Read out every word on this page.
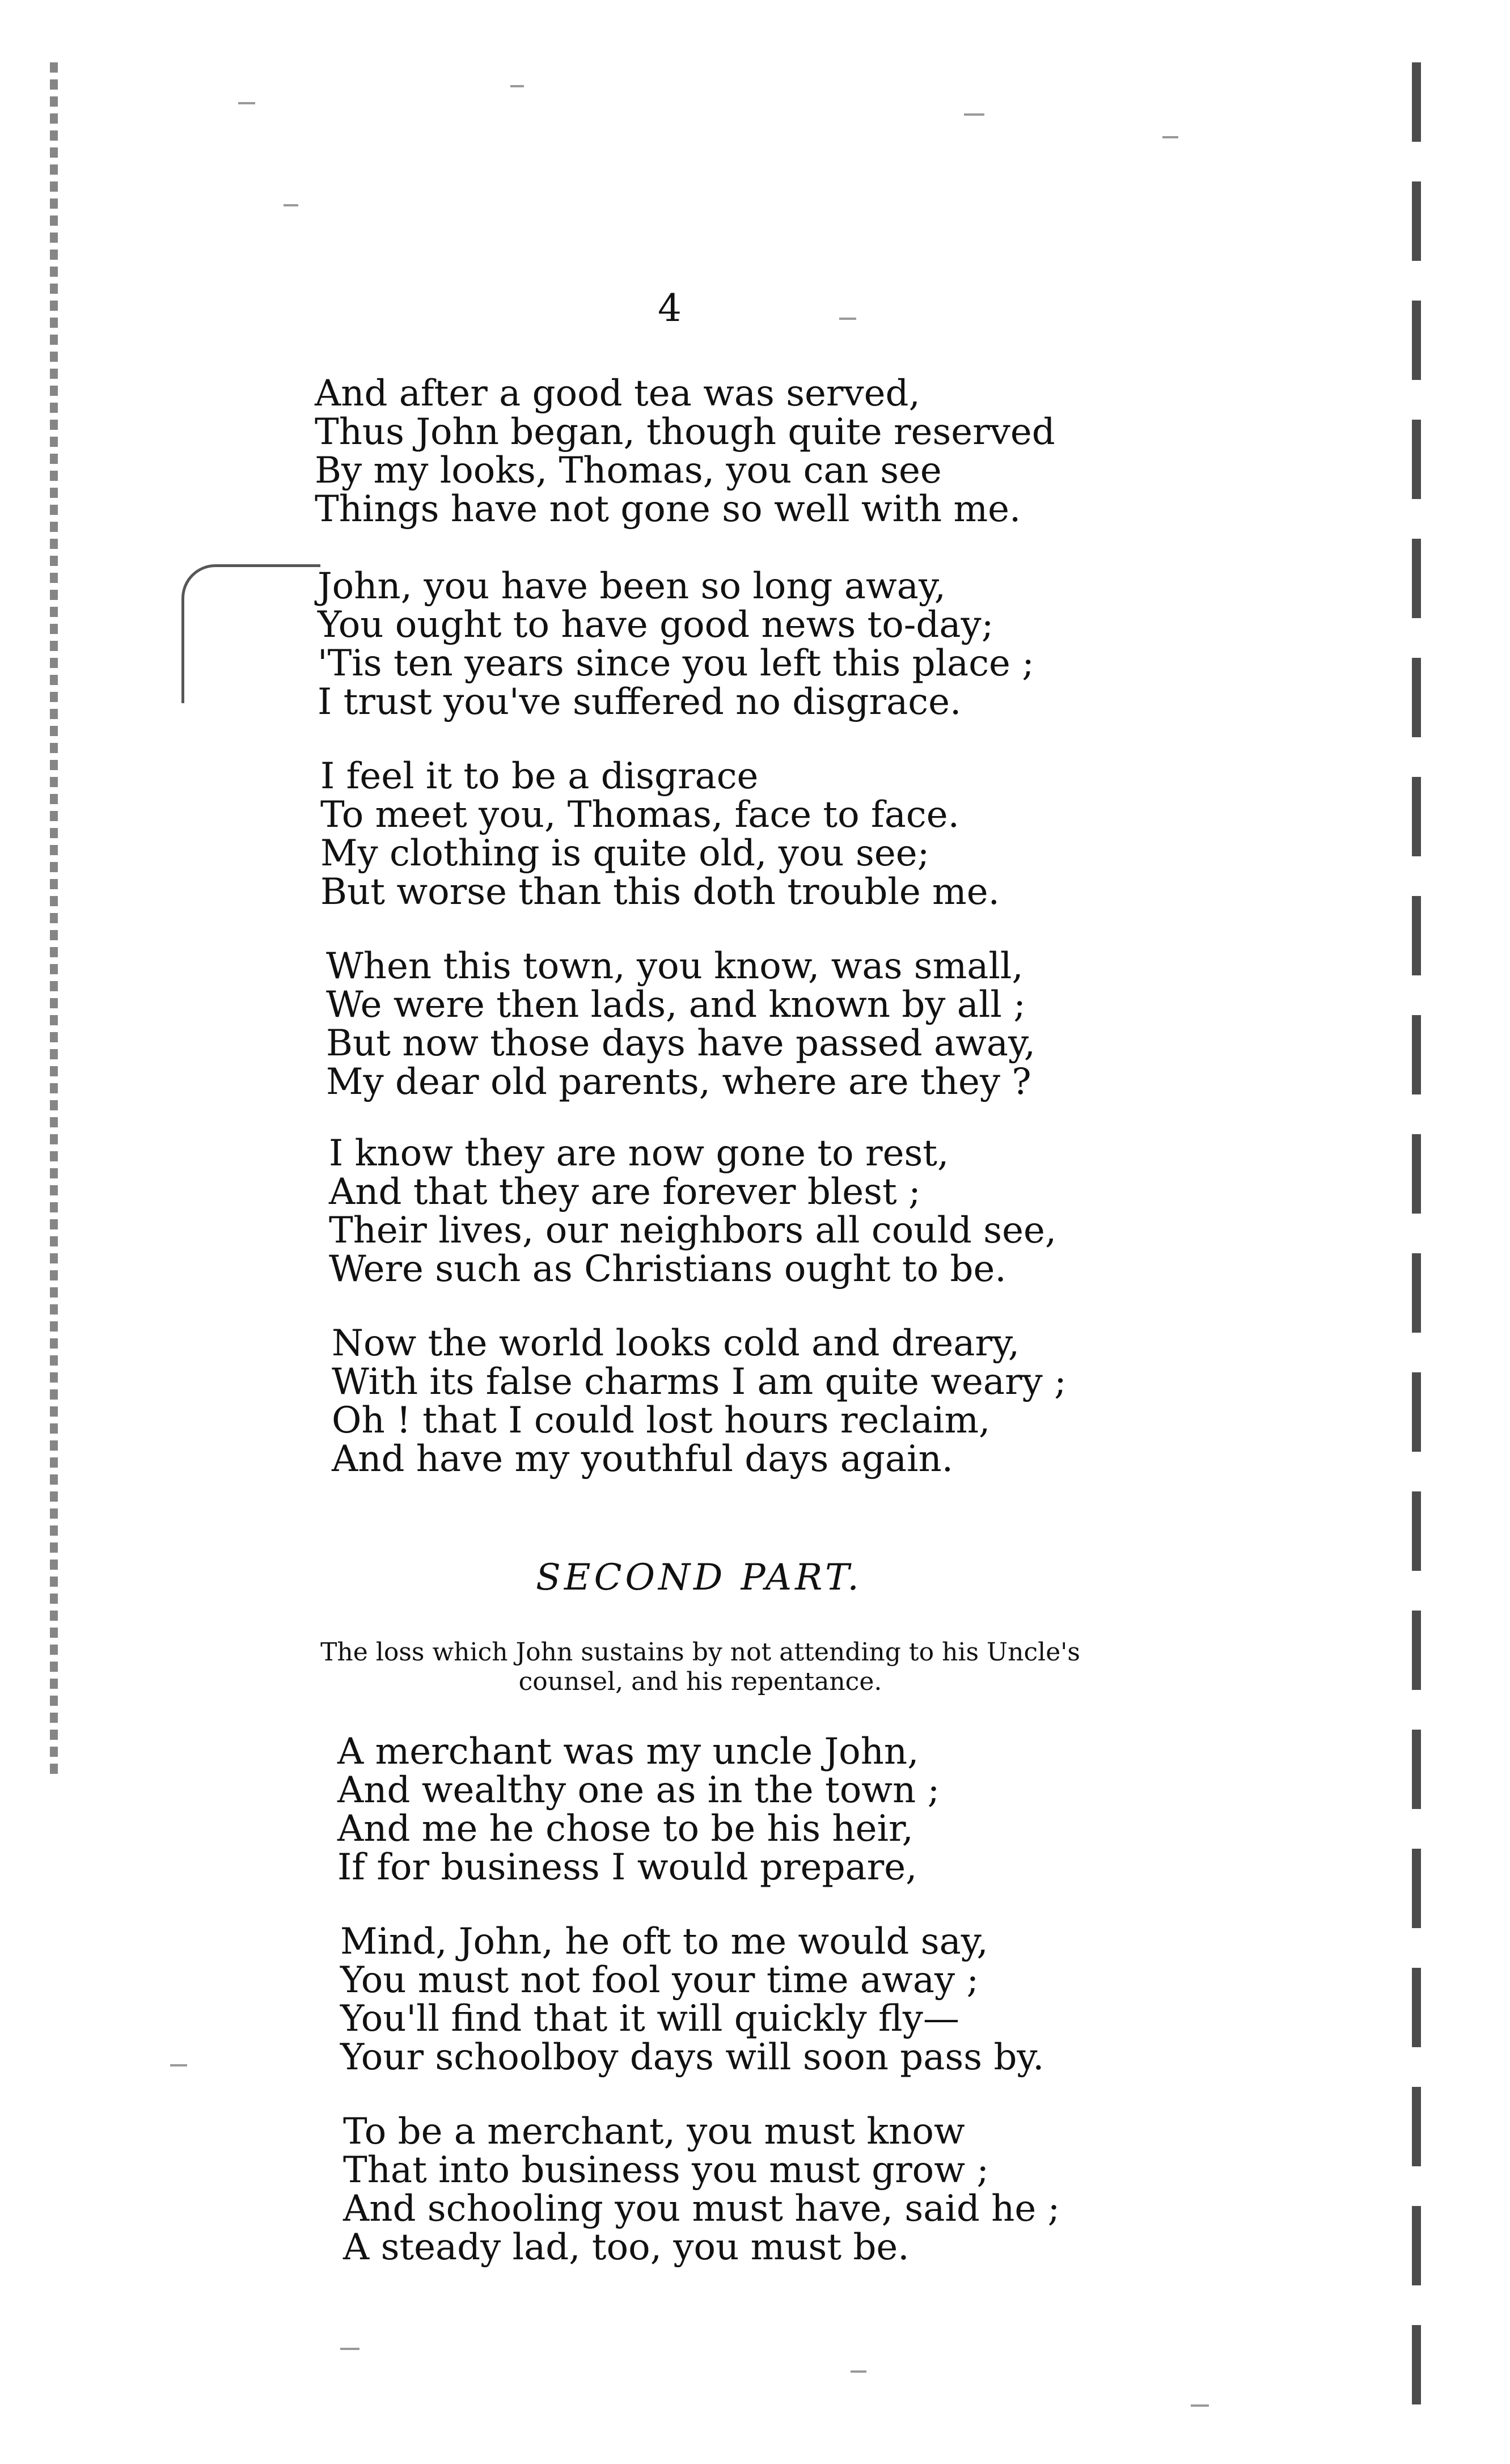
4
And after a good tea was served,
Thus John began, though quite reserved
By my looks, Thomas, you can see
Things have not gone so well with me.
John, you have been so long away,
You ought to have good news to-day;
'Tis ten years since you left this place ;
I trust you've suffered no disgrace.
I feel it to be a disgrace
To meet you, Thomas, face to face.
My clothing is quite old, you see;
But worse than this doth trouble me.
When this town, you know, was small,
We were then lads, and known by all ;
But now those days have passed away,
My dear old parents, where are they ?
I know they are now gone to rest,
And that they are forever blest ;
Their lives, our neighbors all could see,
Were such as Christians ought to be.
Now the world looks cold and dreary,
With its false charms I am quite weary ;
Oh ! that I could lost hours reclaim,
And have my youthful days again.
SECOND PART.
The loss which John sustains by not attending to his Uncle's
counsel, and his repentance.
A merchant was my uncle John,
And wealthy one as in the town ;
And me he chose to be his heir,
If for business I would prepare,
Mind, John, he oft to me would say,
You must not fool your time away ;
You'll find that it will quickly fly—
Your schoolboy days will soon pass by.
To be a merchant, you must know
That into business you must grow ;
And schooling you must have, said he ;
A steady lad, too, you must be.
